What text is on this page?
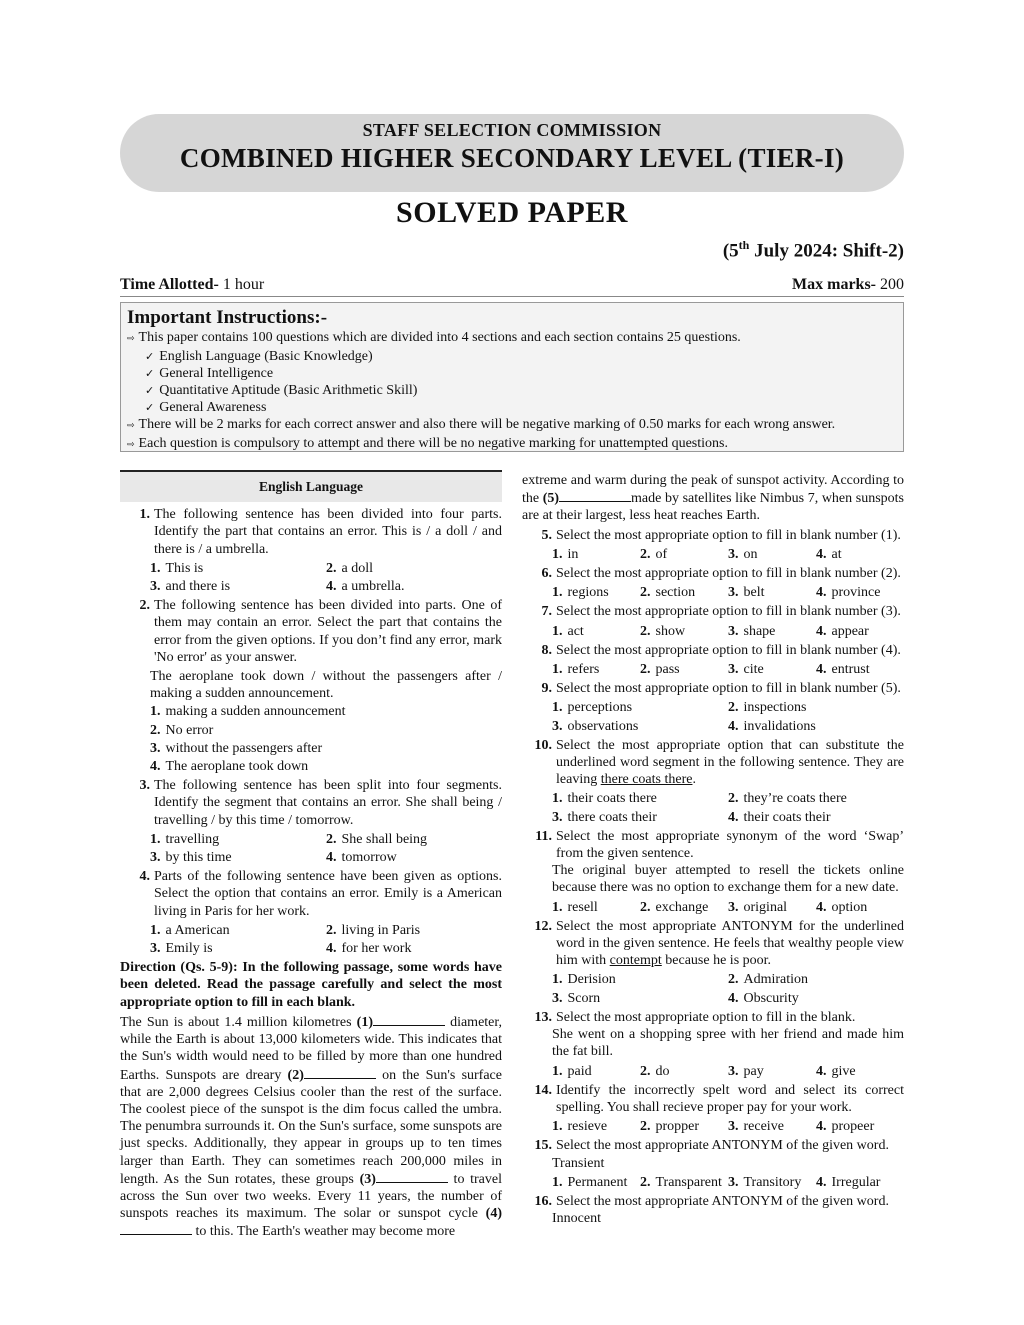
STAFF SELECTION COMMISSION
COMBINED HIGHER SECONDARY LEVEL (TIER-I)
SOLVED PAPER
(5th July 2024: Shift-2)
Time Allotted- 1 hour	Max marks- 200
Important Instructions:-
⇨ This paper contains 100 questions which are divided into 4 sections and each section contains 25 questions.
✓ English Language (Basic Knowledge)
✓ General Intelligence
✓ Quantitative Aptitude (Basic Arithmetic Skill)
✓ General Awareness
⇨ There will be 2 marks for each correct answer and also there will be negative marking of 0.50 marks for each wrong answer.
⇨ Each question is compulsory to attempt and there will be no negative marking for unattempted questions.
English Language
1. The following sentence has been divided into four parts. Identify the part that contains an error. This is / a doll / and there is / a umbrella.
1. This is	2. a doll
3. and there is	4. a umbrella.
2. The following sentence has been divided into parts. One of them may contain an error. Select the part that contains the error from the given options. If you don’t find any error, mark 'No error' as your answer.
The aeroplane took down / without the passengers after / making a sudden announcement.
1. making a sudden announcement
2. No error
3. without the passengers after
4. The aeroplane took down
3. The following sentence has been split into four segments. Identify the segment that contains an error. She shall being / travelling / by this time / tomorrow.
1. travelling	2. She shall being
3. by this time	4. tomorrow
4. Parts of the following sentence have been given as options. Select the option that contains an error. Emily is a American living in Paris for her work.
1. a American	2. living in Paris
3. Emily is	4. for her work
Direction (Qs. 5-9): In the following passage, some words have been deleted. Read the passage carefully and select the most appropriate option to fill in each blank.
The Sun is about 1.4 million kilometres (1)	diameter, while the Earth is about 13,000 kilometers wide. This indicates that the Sun's width would need to be filled by more than one hundred Earths. Sunspots are dreary (2)	on the Sun's surface that are 2,000 degrees Celsius cooler than the rest of the surface. The coolest piece of the sunspot is the dim focus called the umbra. The penumbra surrounds it. On the Sun's surface, some sunspots are just specks. Additionally, they appear in groups up to ten times larger than Earth. They can sometimes reach 200,000 miles in length. As the Sun rotates, these groups (3)	to travel across the Sun over two weeks. Every 11 years, the number of sunspots reaches its maximum. The solar or sunspot cycle (4) to this. The Earth's weather may become more
extreme and warm during the peak of sunspot activity. According to the (5)	made by satellites like Nimbus 7, when sunspots are at their largest, less heat reaches Earth.
5. Select the most appropriate option to fill in blank number (1).
1. in	2. of	3. on	4. at
6. Select the most appropriate option to fill in blank number (2).
1. regions 2. section 3. belt	4. province
7. Select the most appropriate option to fill in blank number (3).
1. act	2. show	3. shape	4. appear
8. Select the most appropriate option to fill in blank number (4).
1. refers	2. pass	3. cite	4. entrust
9. Select the most appropriate option to fill in blank number (5).
1. perceptions	2. inspections
3. observations	4. invalidations
10. Select the most appropriate option that can substitute the underlined word segment in the following sentence. They are leaving there coats there.
1. their coats there	2. they’re coats there
3. there coats their	4. their coats their
11. Select the most appropriate synonym of the word ‘Swap’ from the given sentence.
The original buyer attempted to resell the tickets online because there was no option to exchange them for a new date.
1. resell	2. exchange 3. original 4. option
12. Select the most appropriate ANTONYM for the underlined word in the given sentence. He feels that wealthy people view him with contempt because he is poor.
1. Derision	2. Admiration
3. Scorn	4. Obscurity
13. Select the most appropriate option to fill in the blank.
She went on a shopping spree with her friend and made him the fat bill.
1. paid	2. do	3. pay	4. give
14. Identify the incorrectly spelt word and select its correct spelling. You shall recieve proper pay for your work.
1. resieve 2. propper 3. receive 4. propeer
15. Select the most appropriate ANTONYM of the given word.
Transient
1. Permanent 2. Transparent 3. Transitory 4. Irregular
16. Select the most appropriate ANTONYM of the given word.
Innocent
